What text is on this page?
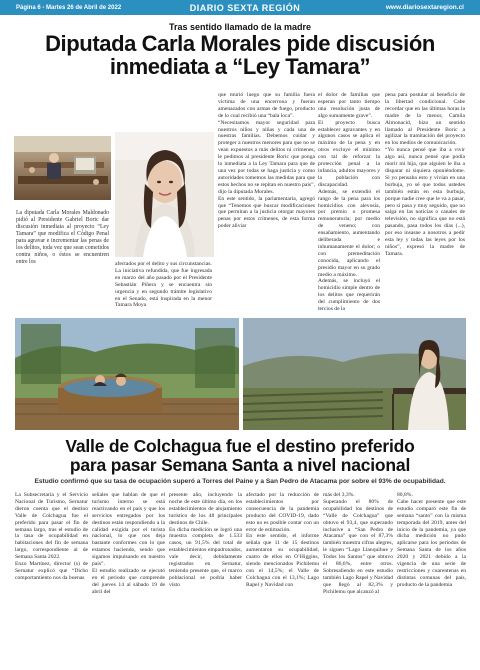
Página 6 - Martes 26 de Abril de 2022	DIARIO SEXTA REGIÓN	www.diariosextaregion.cl
Tras sentido llamado de la madre
Diputada Carla Morales pide discusión
inmediata a “Ley Tamara”
La diputada Carla Morales Maldonado pidió al Presidente Gabriel Boric dar discusión inmediata al proyecto “Ley Tamara” que modifica el Código Penal para agravar e incrementar las penas de los delitos, toda vez que sean cometidos contra niños, o éstos se encuentren entre los	afectados por el delito y sus circunstancias.
La iniciativa refundida, que fue ingresada en marzo del año pasado por el Presidente Sebastián Piñera y se encuentra sin urgencia y en segundo trámite legislativo en el Senado, está inspirada en la menor Tamara Moya
que murió luego que su familia fuera víctima de una encerrona y fueran amenazados con armas de fuego, producto de lo cual recibió una “bala loca”.
“Necesitamos mayor seguridad para nuestros niños y niñas y cada una de nuestras familias. Debemos cuidar y proteger a nuestros menores para que no se vean expuestos a más delitos ni crímenes, le pedimos al presidente Boric que ponga lo inmediata a la Ley Tamara para que de una vez por todas se haga justicia y como autoridades tomemos las medidas para que estos hechos no se repitan en nuestro país”, dijo la diputada Morales.
En este sentido, la parlamentaria, agregó que “Tenemos que buscar modificaciones que permitan a la justicia otorgar mayores penas por estos crímenes, de esta forma poder aliviar
el dolor de familias que esperan por tanto tiempo una resolución justa de algo sumamente grave”.
El proyecto busca establecer agravantes y en algunos casos se aplica el máximo de la pena y en otros excluye el mínimo con tal de reforzar la protección penal a la infancia, adultos mayores y la población con discapacidad.
Además, se extendió el rango de la pena para los homicidios con alevosía, por premio o promesa remuneratoria; por medio de veneno; con ensañamiento, aumentando deliberada e inhumanamente el dolor; o con premeditación conocida, aplicando el presidio mayor en su grado medio a máximo.
Además, se incluyó el homicidio simple dentro de los delitos que requerirán del cumplimiento de dos tercios de la
pena para postular al beneficio de la libertad condicional. Cabe recordar que en las últimas horas la madre de la menor, Camila Almonacid, hizo un sentido llamado al Presidente Boric a agilizar la tramitación del proyecto en los medios de comunicación.
“Yo nunca pensé que iba a vivir algo así, nunca pensé que podía morir mi hija, que alguien le iba a disparar ni siquiera oponiéndome. Si yo pensaba esto y vivían en una burbuja, yo sé que todos ustedes también están en esta burbuja, porque nadie cree que le va a pasar, pero sí pasa y muy seguido, que no salga en las noticias o canales de televisión, no significa que no está pasando, pasa todos los días (...), por eso insasne a nosotros a pedir esta ley y todas las leyes por los niños”, expresó la madre de Tamara.
Valle de Colchagua fue el destino preferido
para pasar Semana Santa a nivel nacional
Estudio confirmó que su tasa de ocupación superó a Torres del Paine y a San Pedro de Atacama por sobre el 93% de ocupabilidad.
La Subsecretaría y el Servicio Nacional de Turismo, Sernatur dieron cuenta que el destino Valle de Colchagua fue el preferido para pasar el fin de semana largo, tras el estudio de la tasa de ocupabilidad en habitaciones del fin de semana largo, correspondiente al de Semana Santa 2022.
Enzo Martínez, director (s) de Sernatur explicó que “Dicho comportamiento nos da buenas
señales que hablan de que el turismo interno se está reactivando en el país y que los servicios entregados por los destinos están respondiendo a la calidad exigida por el turista nacional, lo que nos deja bastante conformes con lo que estamos haciendo, sendo que sigamos impulsando en nuestro país”.
El estudio realizado se ejecutó en el periodo que comprende del jueves 14 al sábado 19 de abril del
presente año, incluyendo la noche de este último día, en los establecimientos de alojamiento turístico de los 48 principales destinos de Chile.
En dicha medición se logró una muestra completa de 1.533 casos, un 91,5% del total de establecimientos empadronados, vale decir, debidamente registrados en Sernatur, teniendo presente que, el marco poblacional se podría haber visto
afectado por la reducción de establecimientos por consecuencia de la pandemia producto del COVID-19, dado esto no es posible contar con un error de estimación.
En este sentido, el informe señala que 11 de 15 destinos aumentaron su ocupabilidad, cuatro de ellos en O’Higgins, siendo mencionados Pichilemu con el 14,5%; el Valle de Colchagua con el 13,1%; Lago Rapel y Navidad con
más del 3,3%.
Superando el 80% de ocupabilidad los destinos de “Valle de Colchagua” que obtuvo el 93,4, que superando inclusive a “San Pedro de Atacama” que con el 87,3% también muestra cifras alegres, le siguen “Lago Llanquihue y Todos los Santos” que obtuvo el 86,6%, entre otros. Sobresaliendo en este estudio también Lago Rapel y Navidad que llegó al 82,3% y Pichilemu que alcanzó al
80,8%.
Cabe hacer presente que este estudio comparó este fin de semana “santo” con la misma temporada del 2019, antes del inicio de la pandemia, ya que dicha medición no pudo aplicarse para los periodos de Semana Santa de los años 2020 y 2021 debido a la vigencia de una serie de restricciones y cuarentenas en distintas comunas del país, producto de la pandemia
